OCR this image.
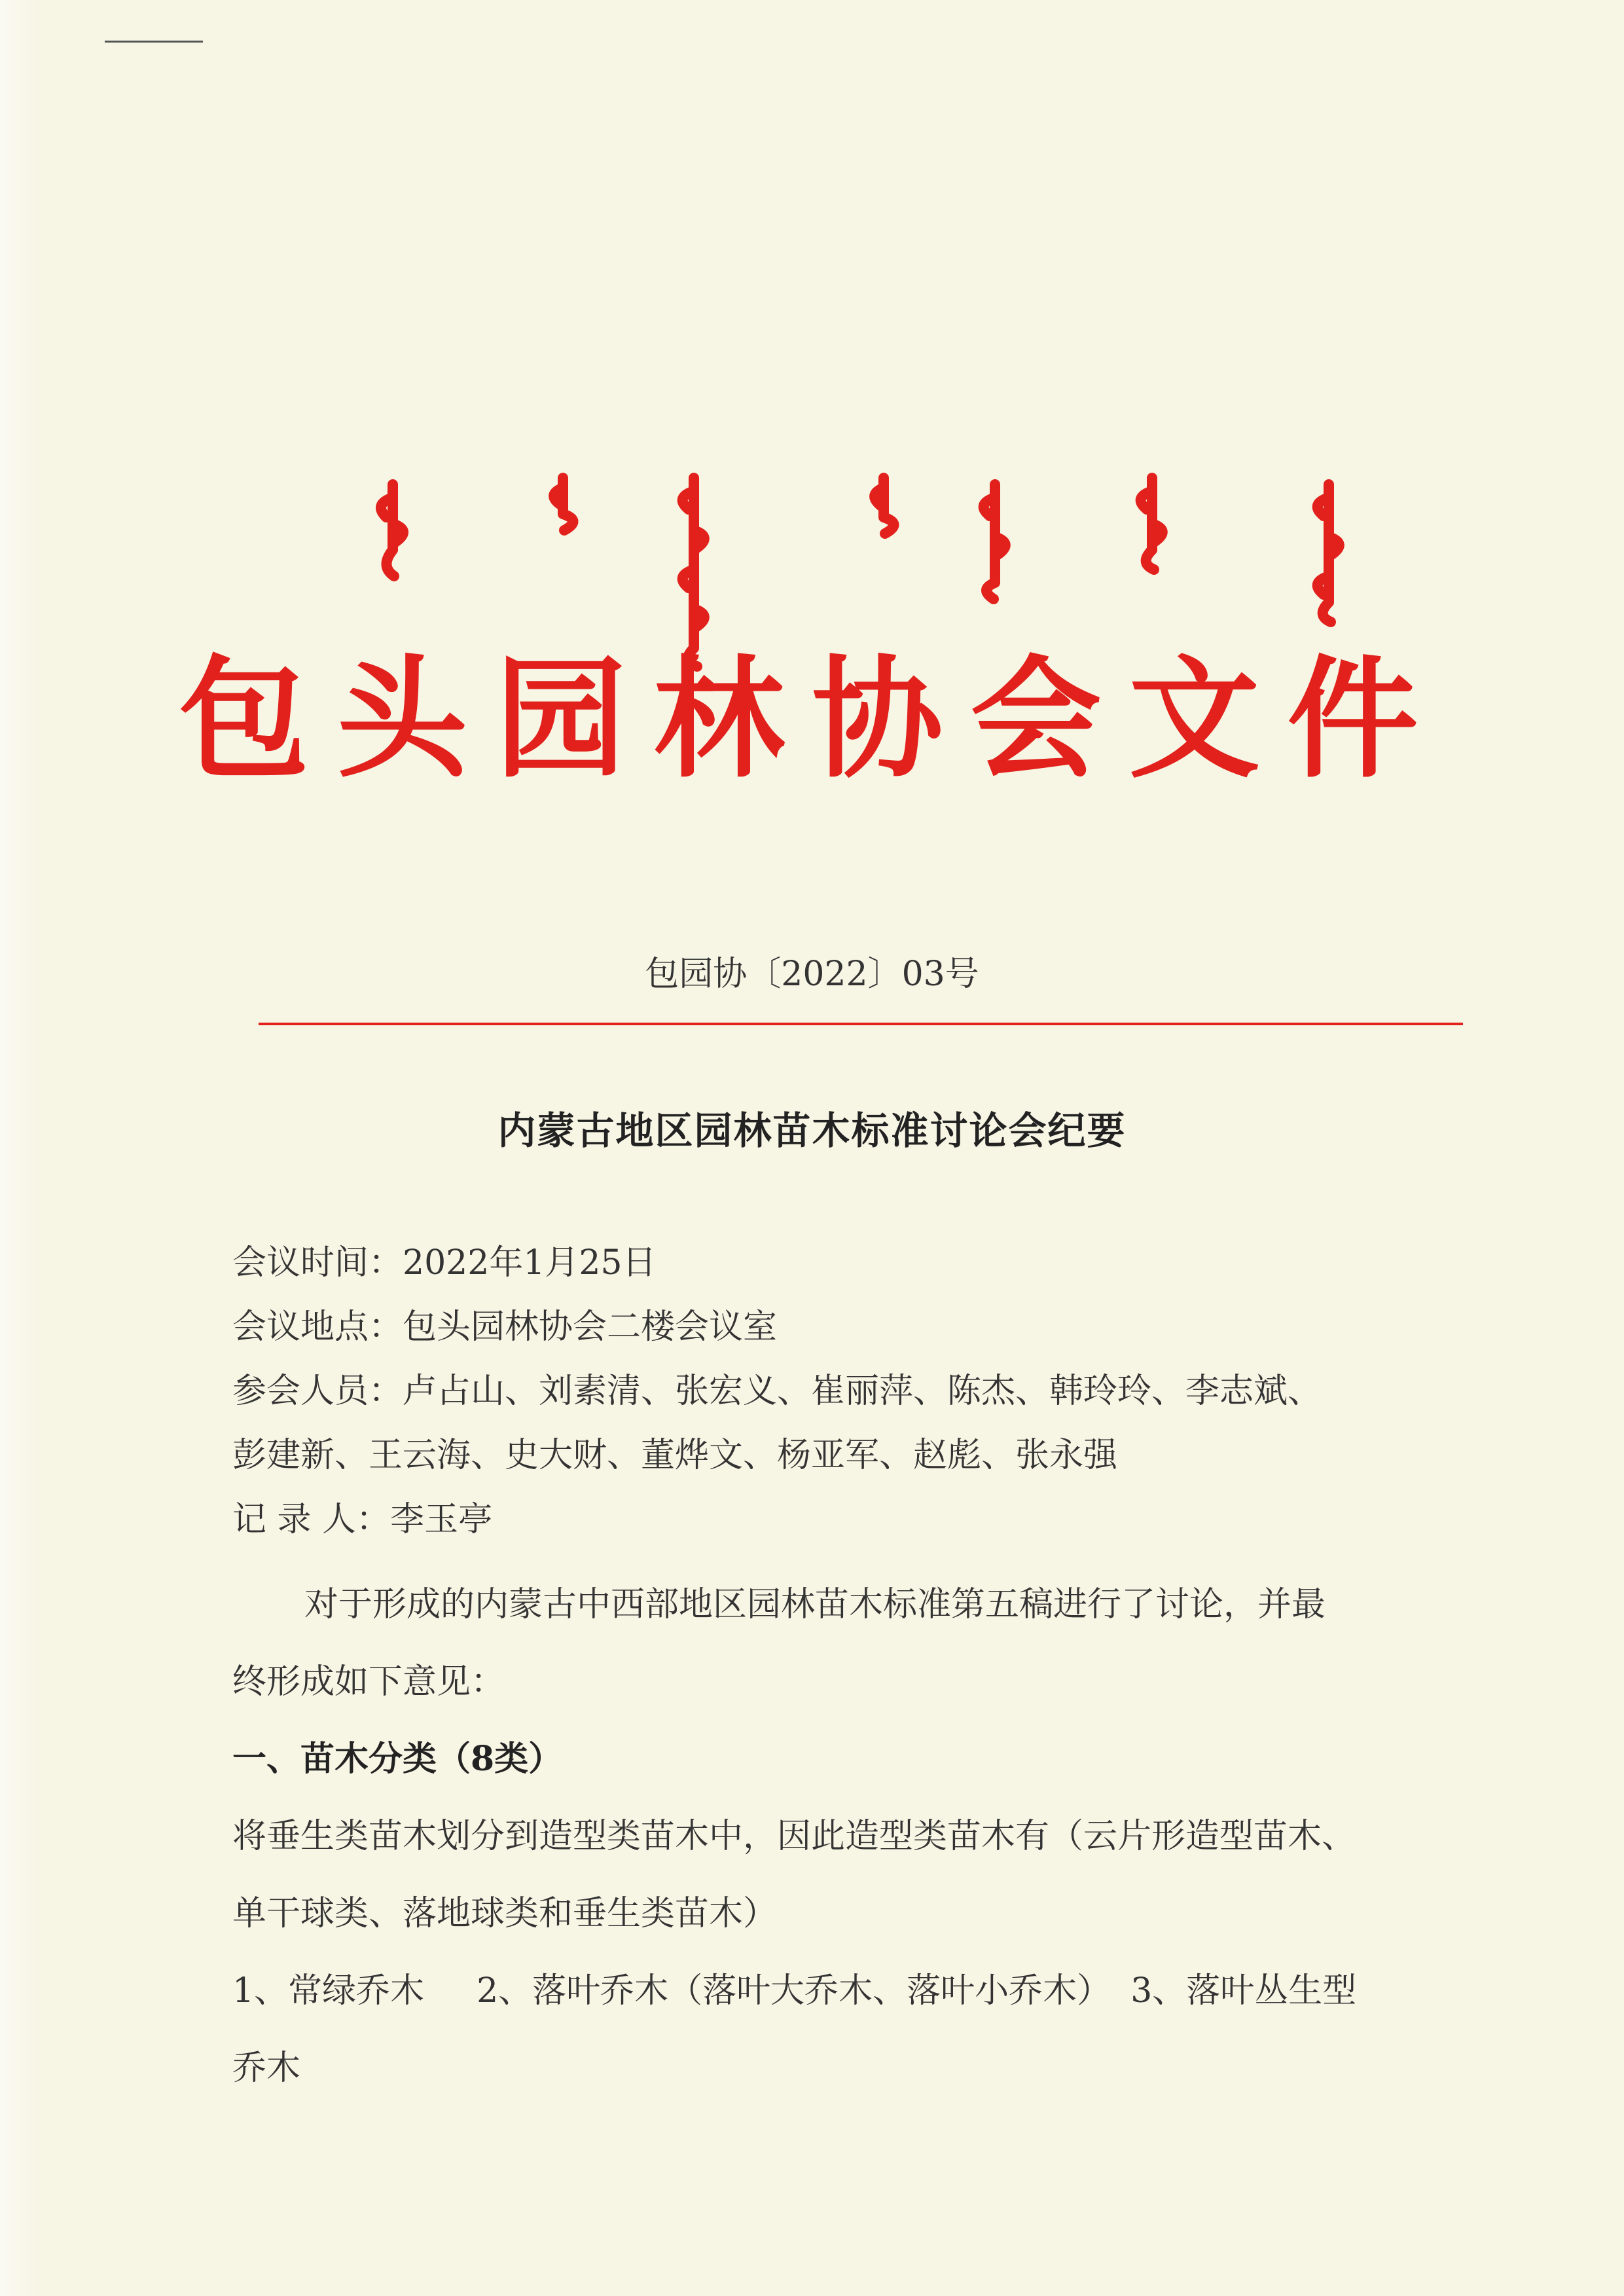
包头园林协会文件
包园协〔2022〕03号
内蒙古地区园林苗木标准讨论会纪要
会议时间：2022年1月25日
会议地点：包头园林协会二楼会议室
参会人员：卢占山、刘素清、张宏义、崔丽萍、陈杰、韩玲玲、李志斌、
彭建新、王云海、史大财、董烨文、杨亚军、赵彪、张永强
记 录 人：李玉亭
对于形成的内蒙古中西部地区园林苗木标准第五稿进行了讨论，并最
终形成如下意见：
一、苗木分类（8类）
将垂生类苗木划分到造型类苗木中，因此造型类苗木有（云片形造型苗木、
单干球类、落地球类和垂生类苗木）
1、常绿乔木 2、落叶乔木（落叶大乔木、落叶小乔木） 3、落叶丛生型
乔木
